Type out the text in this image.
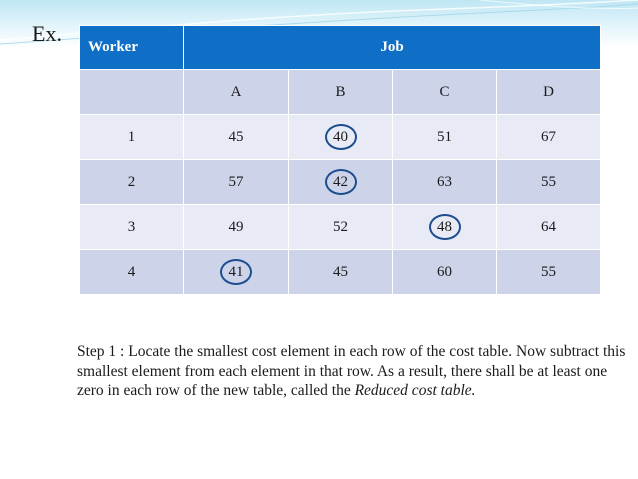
Ex.
Worker	Job			
	A	B	C	D
1	45	40	51	67
2	57	42	63	55
3	49	52	48	64
4	41	45	60	55

Step 1 : Locate the smallest cost element in each row of the cost table. Now subtract this smallest element from each element in that row. As a result, there shall be at least one zero in each row of the new table, called the Reduced cost table.
